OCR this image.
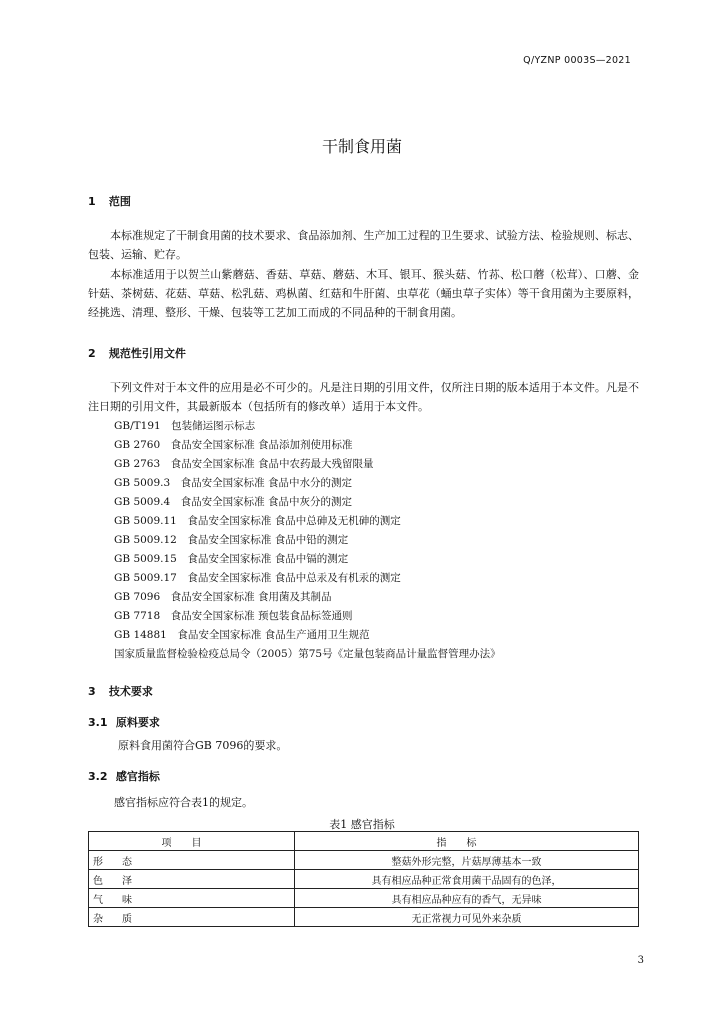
Q/YZNP 0003S—2021
干制食用菌
1 范围

本标准规定了干制食用菌的技术要求、食品添加剂、生产加工过程的卫生要求、试验方法、检验规则、标志、包装、运输、贮存。

本标准适用于以贺兰山紫蘑菇、香菇、草菇、蘑菇、木耳、银耳、猴头菇、竹荪、松口蘑（松茸）、口蘑、金针菇、茶树菇、花菇、草菇、松乳菇、鸡枞菌、红菇和牛肝菌、虫草花（蛹虫草子实体）等干食用菌为主要原料，经挑选、清理、整形、干燥、包装等工艺加工而成的不同品种的干制食用菌。

2 规范性引用文件

下列文件对于本文件的应用是必不可少的。凡是注日期的引用文件，仅所注日期的版本适用于本文件。凡是不注日期的引用文件，其最新版本（包括所有的修改单）适用于本文件。

GB/T191　包装储运图示标志
GB 2760　食品安全国家标准 食品添加剂使用标准
GB 2763　食品安全国家标准 食品中农药最大残留限量
GB 5009.3　食品安全国家标准 食品中水分的测定
GB 5009.4　食品安全国家标准 食品中灰分的测定
GB 5009.11　食品安全国家标准 食品中总砷及无机砷的测定
GB 5009.12　食品安全国家标准 食品中铅的测定
GB 5009.15　食品安全国家标准 食品中镉的测定
GB 5009.17　食品安全国家标准 食品中总汞及有机汞的测定
GB 7096　食品安全国家标准 食用菌及其制品
GB 7718　食品安全国家标准 预包装食品标签通则
GB 14881　食品安全国家标准 食品生产通用卫生规范
国家质量监督检验检疫总局令（2005）第75号《定量包装商品计量监督管理办法》
3 技术要求
3.1 原料要求
原料食用菌符合GB 7096的要求。
3.2 感官指标
感官指标应符合表1的规定。
表1 感官指标
项目	指标
形态	整菇外形完整，片菇厚薄基本一致
色泽	具有相应品种正常食用菌干品固有的色泽，
气味	具有相应品种应有的香气，无异味
杂质	无正常视力可见外来杂质
3
